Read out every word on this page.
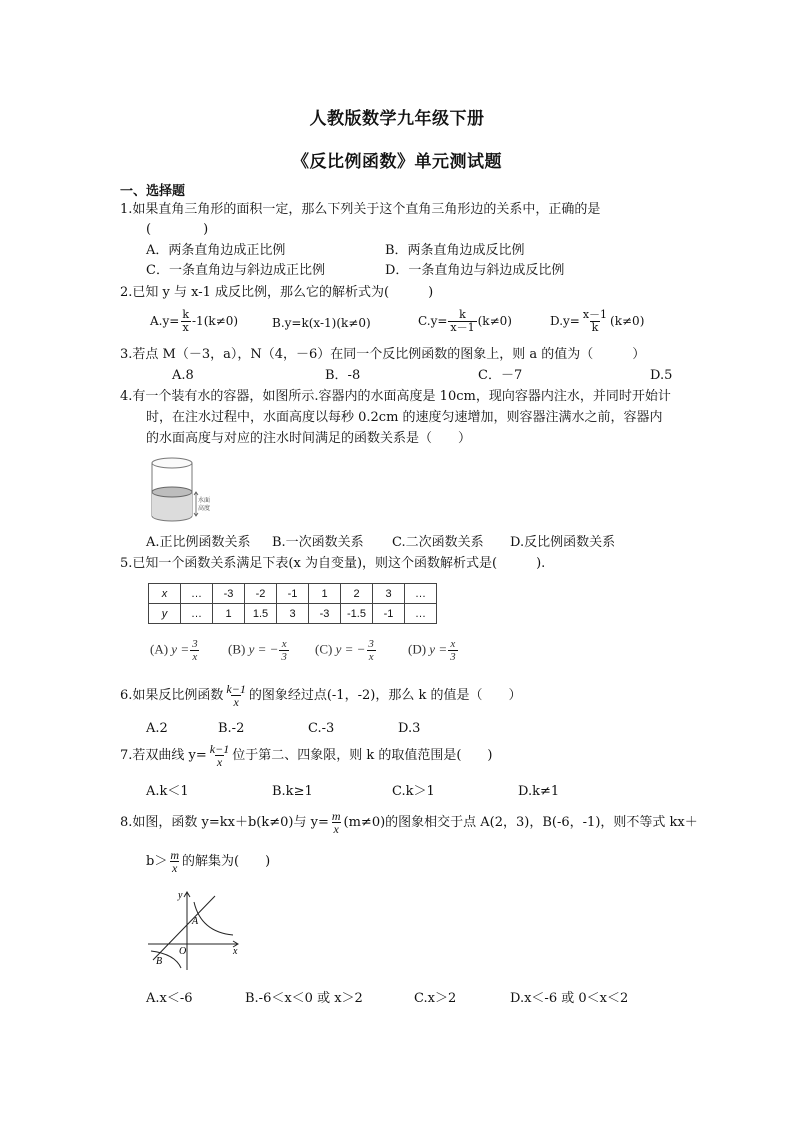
人教版数学九年级下册
《反比例函数》单元测试题
一、选择题
1.如果直角三角形的面积一定，那么下列关于这个直角三角形边的关系中，正确的是
(　　　　)
A．两条直角边成正比例	B．两条直角边成反比例
C．一条直角边与斜边成正比例	D．一条直角边与斜边成反比例
2.已知 y 与 x-1 成反比例，那么它的解析式为(　　　)
$A.y= \frac{k}{x} -1(k\ne 0)$	B.y=k(x-1)(k≠0)	$C.y= \frac{k}{x-1} (k\ne 0)$	$D.y= \frac{x-1}{k} (k\ne 0)$
3.若点 M（－3，a），N（4，－6）在同一个反比例函数的图象上，则 a 的值为（　　　）
A.8	B．-8	C．－7	D.5
4.有一个装有水的容器，如图所示.容器内的水面高度是 10cm，现向容器内注水，并同时开始计
时，在注水过程中，水面高度以每秒 0.2cm 的速度匀速增加，则容器注满水之前，容器内
的水面高度与对应的注水时间满足的函数关系是（　　）
水面
高度
A.正比例函数关系 B.一次函数关系 C.二次函数关系 D.反比例函数关系
5.已知一个函数关系满足下表(x 为自变量)，则这个函数解析式是(　　　).
x	…	-3	-2	-1	1	2	3	…
y	…	1	1.5	3	-3	-1.5	-1	…
(A) $y = \frac{3}{x} (B) y$ = − $\frac{x}{3} (C) y$ = − $\frac{3}{x} (D) y = \frac{x}{3}$
6.如果反比例函数 $\frac{k-1}{x}$ 的图象经过点(-1，-2)，那么 k 的值是（　　）
A.2	B.-2	C.-3	D.3
7.若双曲线 $y= \frac{k-1}{x}$ 位于第二、四象限，则 k 的取值范围是(　　)
A.k＜1	B.k≥1	C.k＞1	D.k≠1
8.如图，函数 y=kx＋b(k≠0)与 $y= \frac{m}{x} (m\ne 0)$的图象相交于点 A(2，3)，B(-6，-1)，则不等式 kx＋
$b> \frac{m}{x}$ 的解集为(　　)
y
x
O
A
B
A.x＜-6	B.-6＜x＜0 或 x＞2	C.x＞2	D.x＜-6 或 0＜x＜2
